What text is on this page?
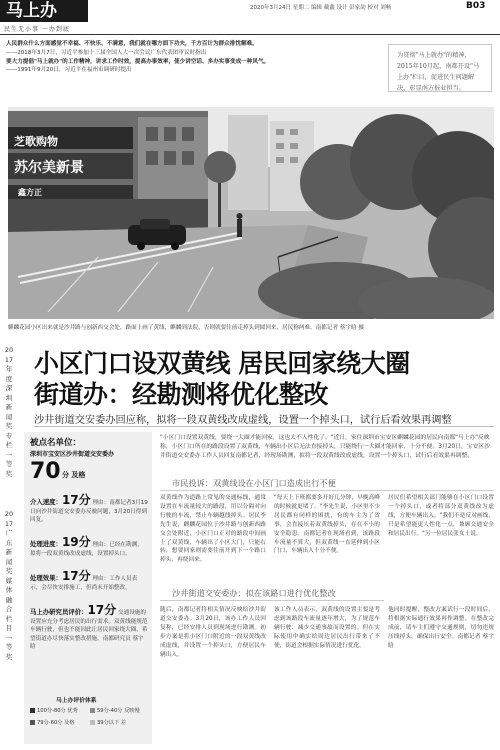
马上办
民生无小事 一办到底
2020年3月24日 星期二 编辑 戴鑫 设计 彭家劼 校对 刘畅	B03

人民群众什么方面感觉不幸福、不快乐、不满意，我们就在哪方面下功夫，千方百计为群众排忧解难。

——2018年3月7日，习近平参加十三届全国人大一次会议广东代表团审议时指出

要大力提倡"马上就办"的工作精神，讲求工作时效，提高办事效率，使少讲空话、多办实事变成一种风气。

——1991年9月20日，习近平在福州市调研时提出

为贯彻"马上就办"的精神，
2015年10月起，南都开设"马
上办"栏目，促进民生问题解
决，彰显南方报业担当。
芝歌购物
苏尔美新景
鑫方正
麒麟花园小区出来就是沙井路与创新西交会处，路面上画了黄线，麒麟到法院，否则就要往前走掉头到圆回来，居民称两难。南都记者 蔡宇晗 摄
2017年度深圳新闻奖专栏一等奖
2017广东新闻奖媒体融合栏目一等奖
小区门口设双黄线 居民回家绕大圈
街道办：经勘测将优化整改
沙井街道交安委办回应称，拟将一段双黄线改成虚线，设置一个掉头口，试行后看效果再调整
被点名单位：
深圳市宝安区沙井街道交安委办
70 分 及格
介入速度：17分 理由：南都记者3月19日向沙井街道交安委办反映问题，3月20日得到回复。
处理进度：19分 理由：已经在勘测，拟将一段双黄线改成虚线，设置掉头口。
处理效果：17分 理由：工作人员表示，会尽快安排施工，但尚未开始整改。
马上办研究员评价：17分 交通设施的设置应充分考虑居民的出行需求。双黄线能规范车辆行驶，但也不能因此让居民回家绕大圈，希望街道办尽快落实整改措施。南都研究员 蔡宇晗
马上办评价体系
100分-80分 优秀	59分-40分 反映慢
79分-60分 及格	39分以下 差
"小区门口设置双黄线，要绕一大圈才能回家，这也太不人性化了。"近日，家住深圳市宝安区麒麟花园的居民向南都"马上办"反映称，小区门口所在的路段设置了双黄线，车辆出小区后无法直接掉头，只能绕行一大圈才能回家，十分不便。3月20日，宝安区沙井街道交安委办工作人员回复南都记者，经现场勘测，拟将一段双黄线改成虚线，设置一个掉头口，试行后看效果再调整。
市民投诉：双黄线设在小区门口造成出行不便
双黄线作为道路上常见的交通标线，通常设置在车流量较大的路段，用以分隔对向行驶的车流，禁止车辆越线掉头。居民李先生说，麒麟花园位于沙井路与创新西路交会处附近，小区门口正对的路段中间画上了双黄线，车辆出了小区大门，只能右转，想要回家则需要往前开到下一个路口掉头，再绕回来。
"每天上下班都要多开好几分钟，早晚高峰的时候就更堵了。"李先生说，小区里不少居民都有同样的困扰，有的车主为了省事，会直接压着双黄线掉头，存在不小的安全隐患。南都记者在现场看到，该路段车流量不算大，但双黄线一直延伸到小区门口，车辆出入十分不便。
居民们希望相关部门能够在小区门口设置一个掉头口，或者将部分双黄线改为虚线，方便车辆出入。"我们不是反对画线，只是希望能更人性化一点，兼顾交通安全和居民出行。"另一位居民张女士说。
沙井街道交安委办：拟在该路口进行优化整改
随后，南都记者将相关情况反映给沙井街道交安委办。3月20日，该办工作人员回复称，已经安排人员到现场进行勘测。初步方案是将小区门口附近的一段双黄线改成虚线，并设置一个掉头口，方便居民车辆出入。
该工作人员表示，双黄线的设置主要是考虑到该路段车流量逐年增大，为了规范车辆行驶、减少交通事故而设置的。但在实际使用中确实给周边居民出行带来了不便，街道会根据实际情况进行优化。
他同时提醒，整改方案试行一段时间后，将根据实际通行效果再作调整。在整改完成前，请车主们遵守交通规则，切勿违规压线掉头，确保出行安全。南都记者 蔡宇晗
